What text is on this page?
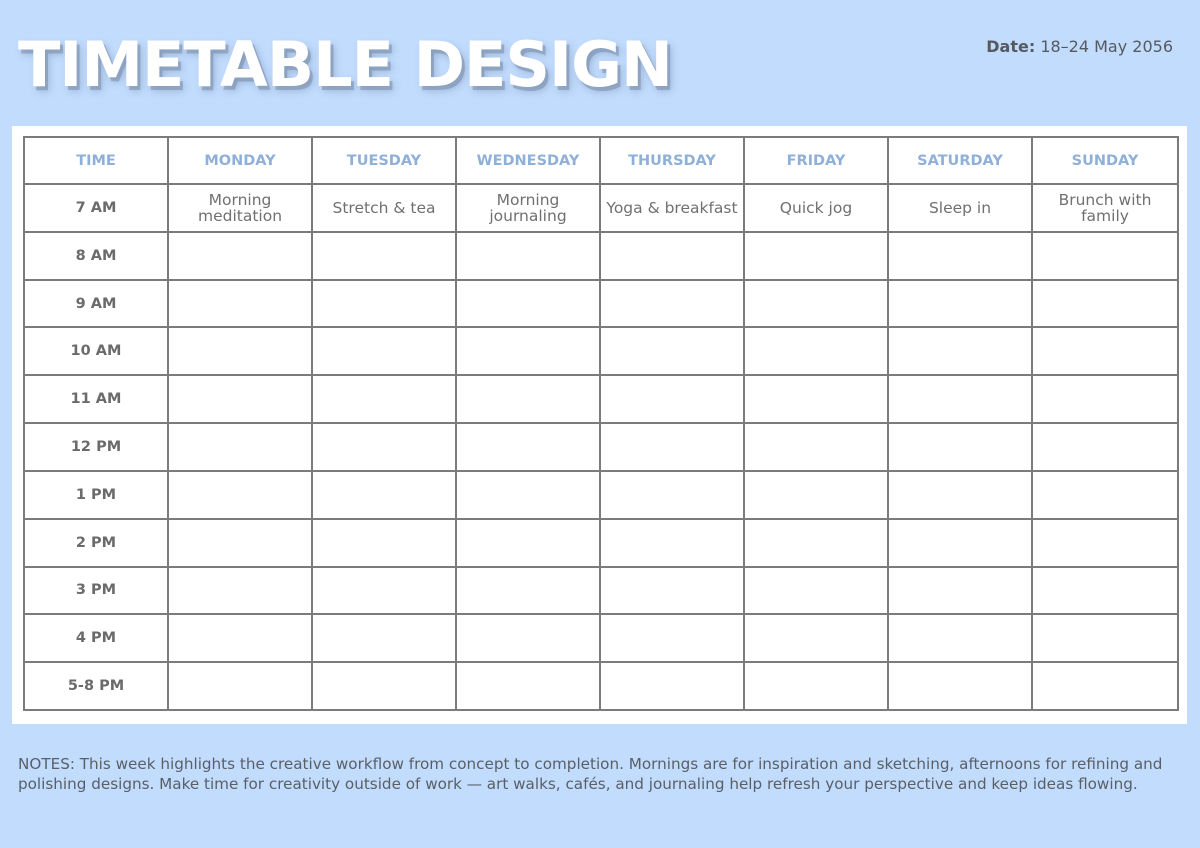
TIMETABLE DESIGN	Date: 18–24 May 2056
TIME	MONDAY	TUESDAY	WEDNESDAY	THURSDAY	FRIDAY	SATURDAY	SUNDAY
7 AM	Morning meditation	Stretch & tea	Morning journaling	Yoga & breakfast	Quick jog	Sleep in	Brunch with family
8 AM							
9 AM							
10 AM							
11 AM							
12 PM							
1 PM							
2 PM							
3 PM							
4 PM							
5-8 PM							

NOTES: This week highlights the creative workflow from concept to completion. Mornings are for inspiration and sketching, afternoons for refining and polishing designs. Make time for creativity outside of work — art walks, cafés, and journaling help refresh your perspective and keep ideas flowing.
